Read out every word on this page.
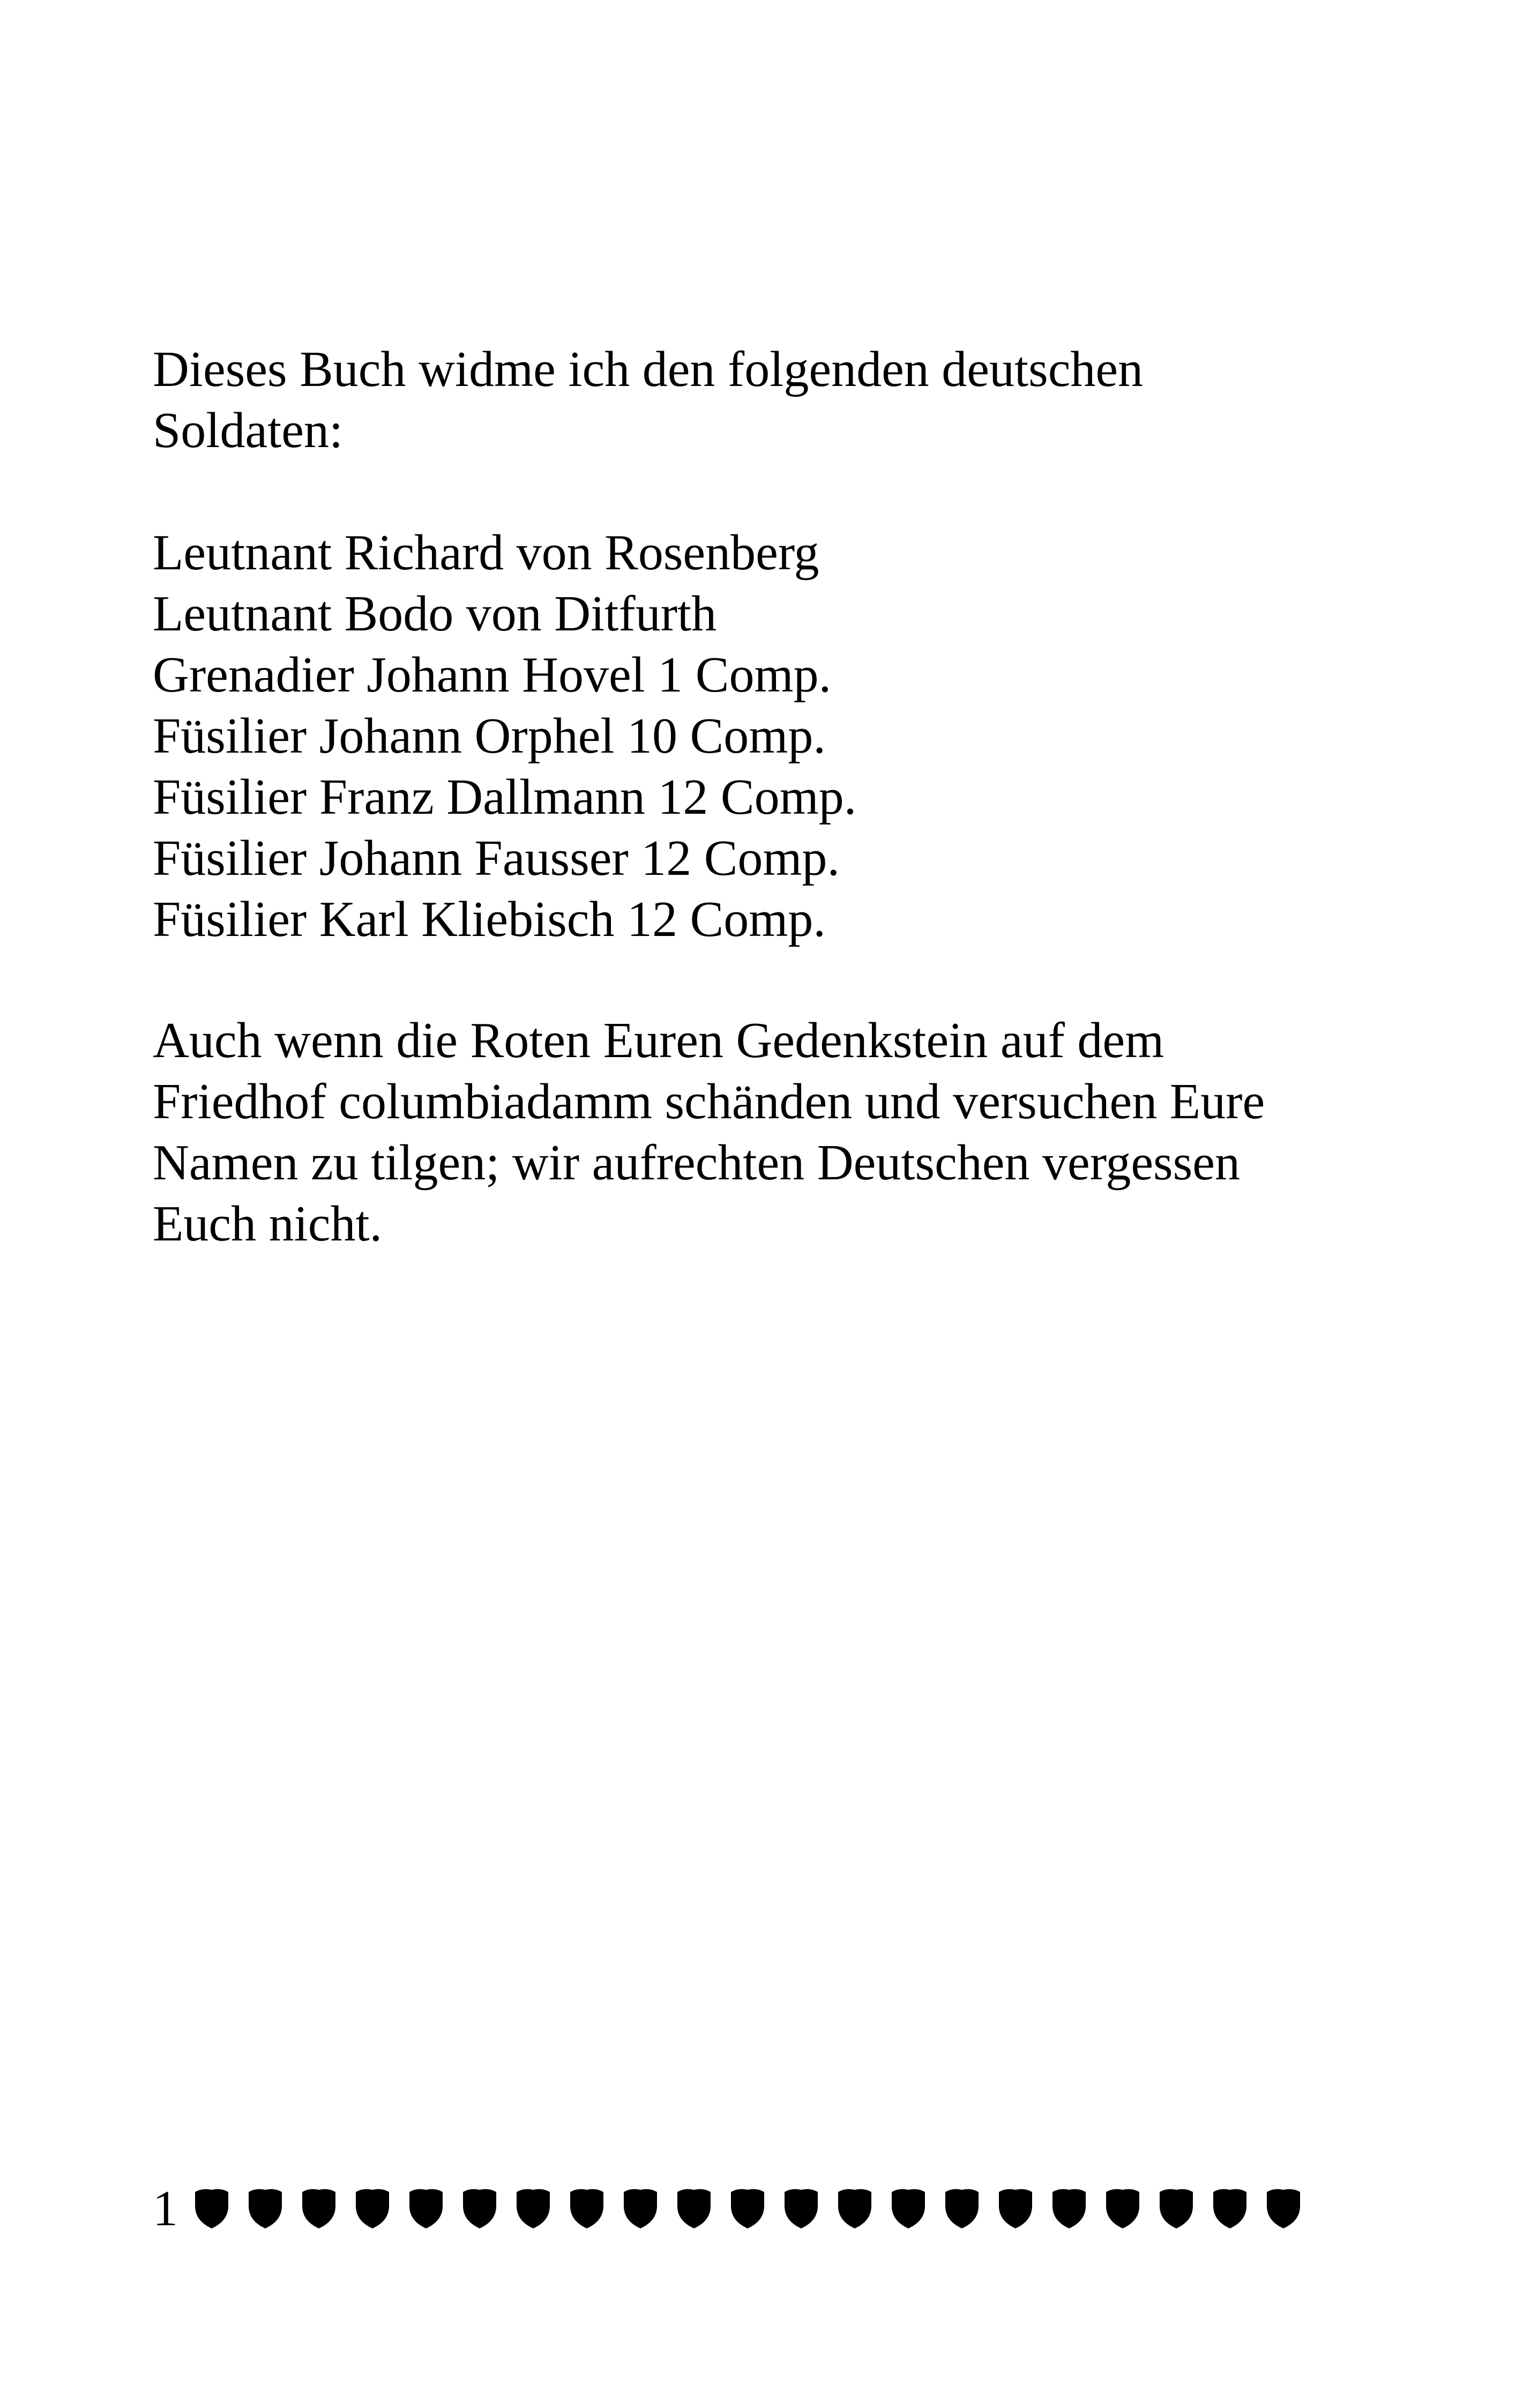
Dieses Buch widme ich den folgenden deutschen
Soldaten:

Leutnant Richard von Rosenberg
Leutnant Bodo von Ditfurth
Grenadier Johann Hovel 1 Comp.
Füsilier Johann Orphel 10 Comp.
Füsilier Franz Dallmann 12 Comp.
Füsilier Johann Fausser 12 Comp.
Füsilier Karl Kliebisch 12 Comp.

Auch wenn die Roten Euren Gedenkstein auf dem
Friedhof columbiadamm schänden und versuchen Eure
Namen zu tilgen; wir aufrechten Deutschen vergessen
Euch nicht.

1
